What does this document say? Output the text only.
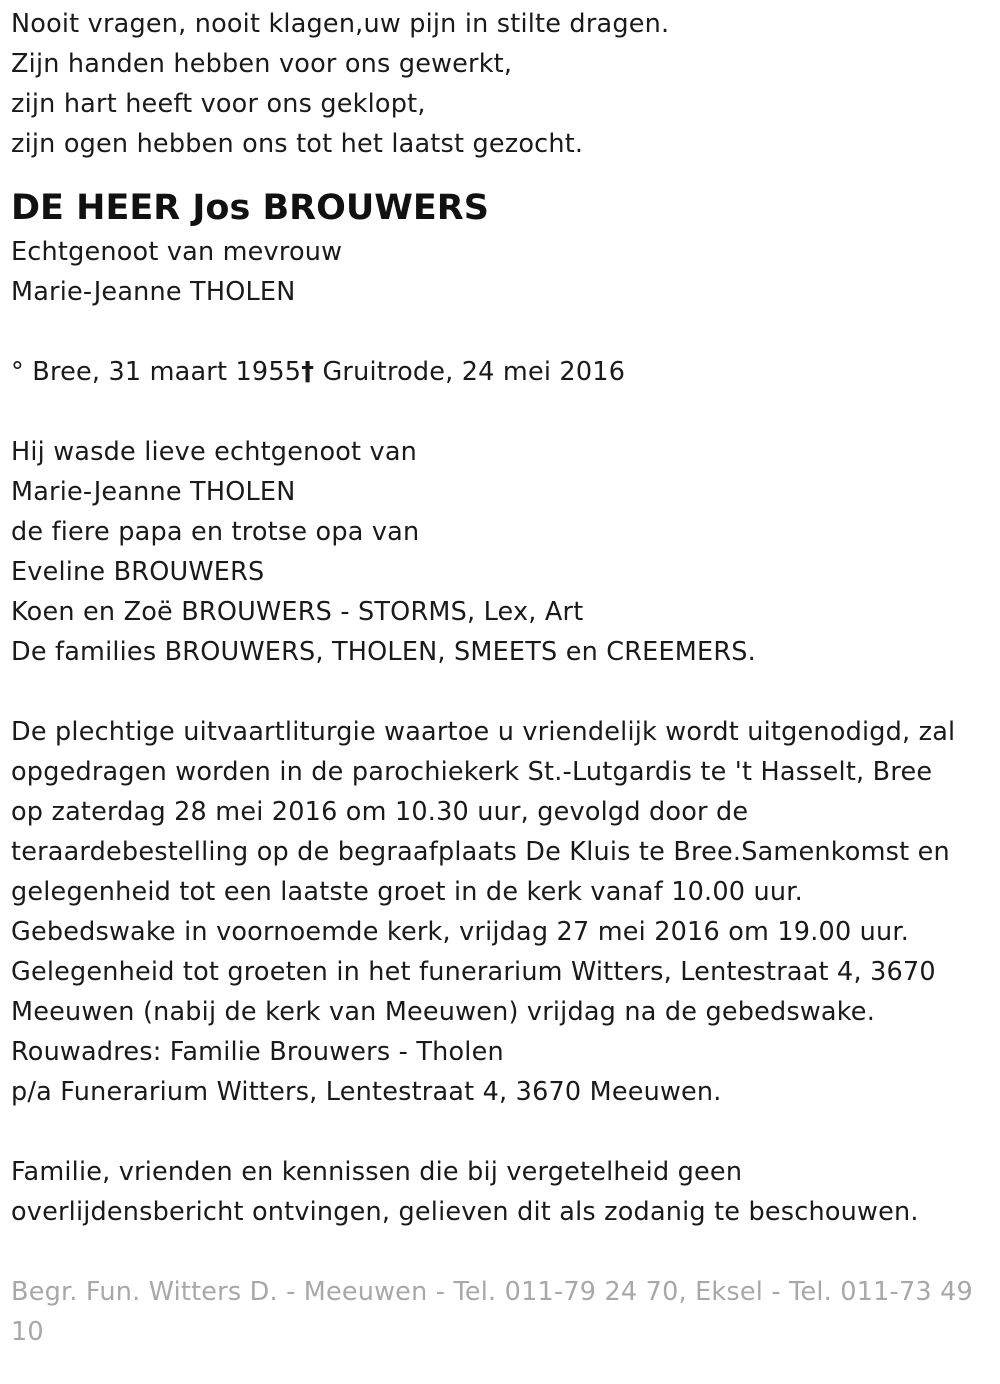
Nooit vragen, nooit klagen,uw pijn in stilte dragen.
Zijn handen hebben voor ons gewerkt,
zijn hart heeft voor ons geklopt,
zijn ogen hebben ons tot het laatst gezocht.
DE HEER Jos BROUWERS
Echtgenoot van mevrouw
Marie-Jeanne THOLEN
° Bree, 31 maart 1955† Gruitrode, 24 mei 2016
Hij wasde lieve echtgenoot van
Marie-Jeanne THOLEN
de fiere papa en trotse opa van
Eveline BROUWERS
Koen en Zoë BROUWERS - STORMS, Lex, Art
De families BROUWERS, THOLEN, SMEETS en CREEMERS.
De plechtige uitvaartliturgie waartoe u vriendelijk wordt uitgenodigd, zal
opgedragen worden in de parochiekerk St.-Lutgardis te 't Hasselt, Bree
op zaterdag 28 mei 2016 om 10.30 uur, gevolgd door de
teraardebestelling op de begraafplaats De Kluis te Bree.Samenkomst en
gelegenheid tot een laatste groet in de kerk vanaf 10.00 uur.
Gebedswake in voornoemde kerk, vrijdag 27 mei 2016 om 19.00 uur.
Gelegenheid tot groeten in het funerarium Witters, Lentestraat 4, 3670
Meeuwen (nabij de kerk van Meeuwen) vrijdag na de gebedswake.
Rouwadres: Familie Brouwers - Tholen
p/a Funerarium Witters, Lentestraat 4, 3670 Meeuwen.
Familie, vrienden en kennissen die bij vergetelheid geen
overlijdensbericht ontvingen, gelieven dit als zodanig te beschouwen.
Begr. Fun. Witters D. - Meeuwen - Tel. 011-79 24 70, Eksel - Tel. 011-73 49 10
